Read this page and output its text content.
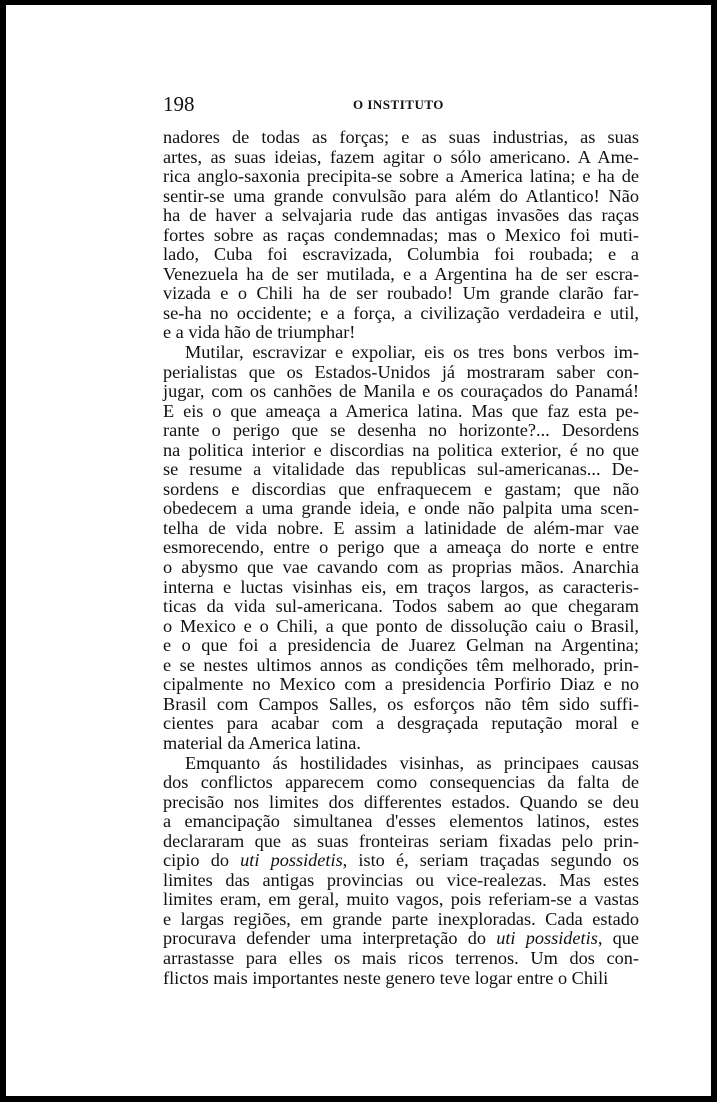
198	O INSTITUTO
nadores de todas as forças; e as suas industrias, as suas
artes, as suas ideias, fazem agitar o sólo americano. A Ame-
rica anglo-saxonia precipita-se sobre a America latina; e ha de
sentir-se uma grande convulsão para além do Atlantico! Não
ha de haver a selvajaria rude das antigas invasões das raças
fortes sobre as raças condemnadas; mas o Mexico foi muti-
lado, Cuba foi escravizada, Columbia foi roubada; e a
Venezuela ha de ser mutilada, e a Argentina ha de ser escra-
vizada e o Chili ha de ser roubado! Um grande clarão far-
se-ha no occidente; e a força, a civilização verdadeira e util,
e a vida hão de triumphar!
Mutilar, escravizar e expoliar, eis os tres bons verbos im-
perialistas que os Estados-Unidos já mostraram saber con-
jugar, com os canhões de Manila e os couraçados do Panamá!
E eis o que ameaça a America latina. Mas que faz esta pe-
rante o perigo que se desenha no horizonte?... Desordens
na politica interior e discordias na politica exterior, é no que
se resume a vitalidade das republicas sul-americanas... De-
sordens e discordias que enfraquecem e gastam; que não
obedecem a uma grande ideia, e onde não palpita uma scen-
telha de vida nobre. E assim a latinidade de além-mar vae
esmorecendo, entre o perigo que a ameaça do norte e entre
o abysmo que vae cavando com as proprias mãos. Anarchia
interna e luctas visinhas eis, em traços largos, as caracteris-
ticas da vida sul-americana. Todos sabem ao que chegaram
o Mexico e o Chili, a que ponto de dissolução caiu o Brasil,
e o que foi a presidencia de Juarez Gelman na Argentina;
e se nestes ultimos annos as condições têm melhorado, prin-
cipalmente no Mexico com a presidencia Porfirio Diaz e no
Brasil com Campos Salles, os esforços não têm sido suffi-
cientes para acabar com a desgraçada reputação moral e
material da America latina.
Emquanto ás hostilidades visinhas, as principaes causas
dos conflictos apparecem como consequencias da falta de
precisão nos limites dos differentes estados. Quando se deu
a emancipação simultanea d'esses elementos latinos, estes
declararam que as suas fronteiras seriam fixadas pelo prin-
cipio do uti possidetis, isto é, seriam traçadas segundo os
limites das antigas provincias ou vice-realezas. Mas estes
limites eram, em geral, muito vagos, pois referiam-se a vastas
e largas regiões, em grande parte inexploradas. Cada estado
procurava defender uma interpretação do uti possidetis, que
arrastasse para elles os mais ricos terrenos. Um dos con-
flictos mais importantes neste genero teve logar entre o Chili
